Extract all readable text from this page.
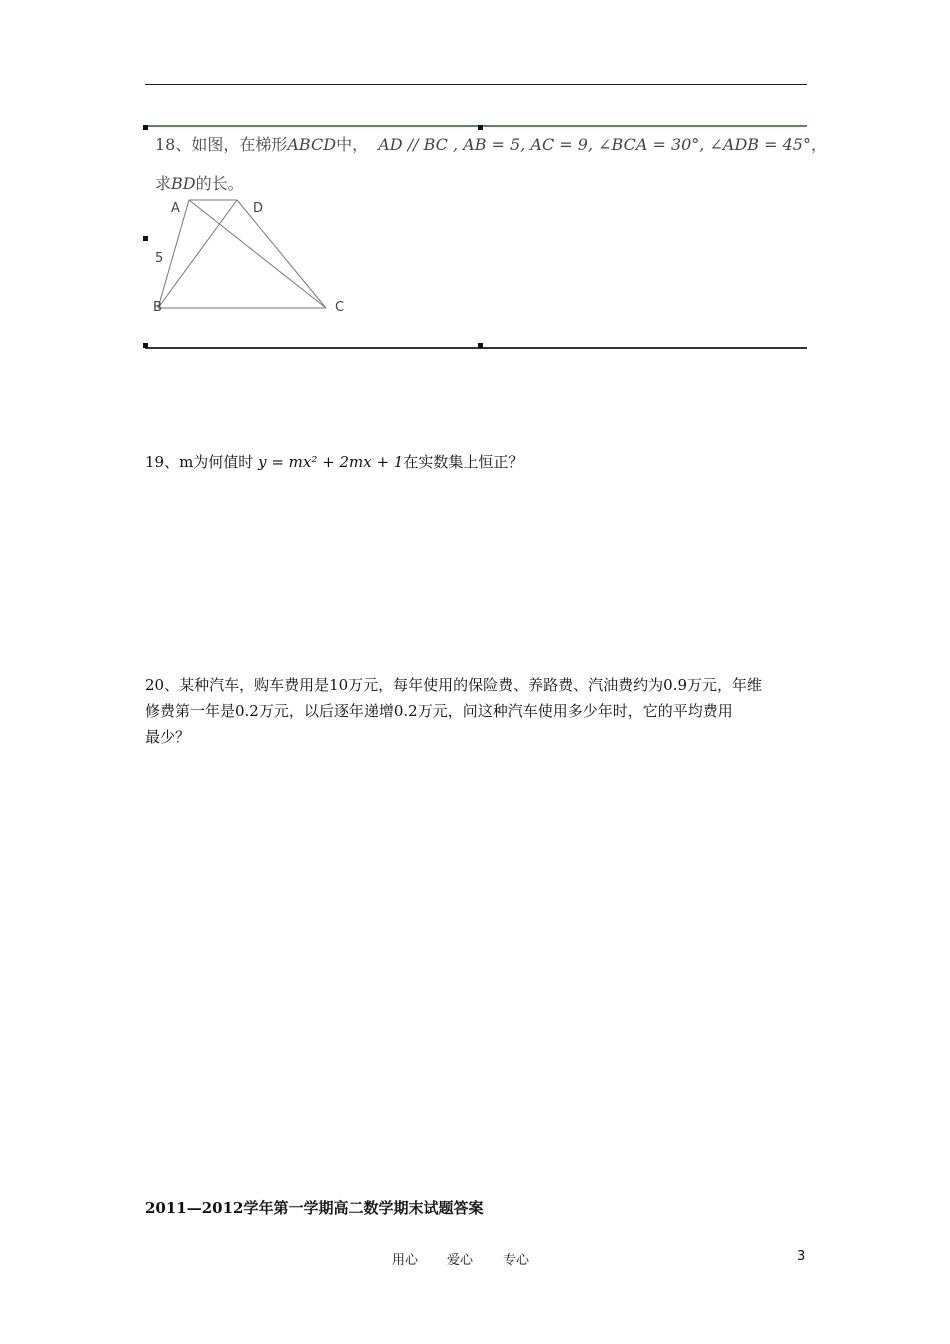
18、如图，在梯形ABCD中， AD // BC , AB = 5, AC = 9, ∠BCA = 30°, ∠ADB = 45°，
求BD的长。
A	D
B	C
5
19、m为何值时 y = mx² + 2mx + 1在实数集上恒正？
20、某种汽车，购车费用是10万元，每年使用的保险费、养路费、汽油费约为0.9万元，年维
修费第一年是0.2万元，以后逐年递增0.2万元，问这种汽车使用多少年时，它的平均费用
最少？
2011—2012学年第一学期高二数学期末试题答案
用心 爱心 专心	3
